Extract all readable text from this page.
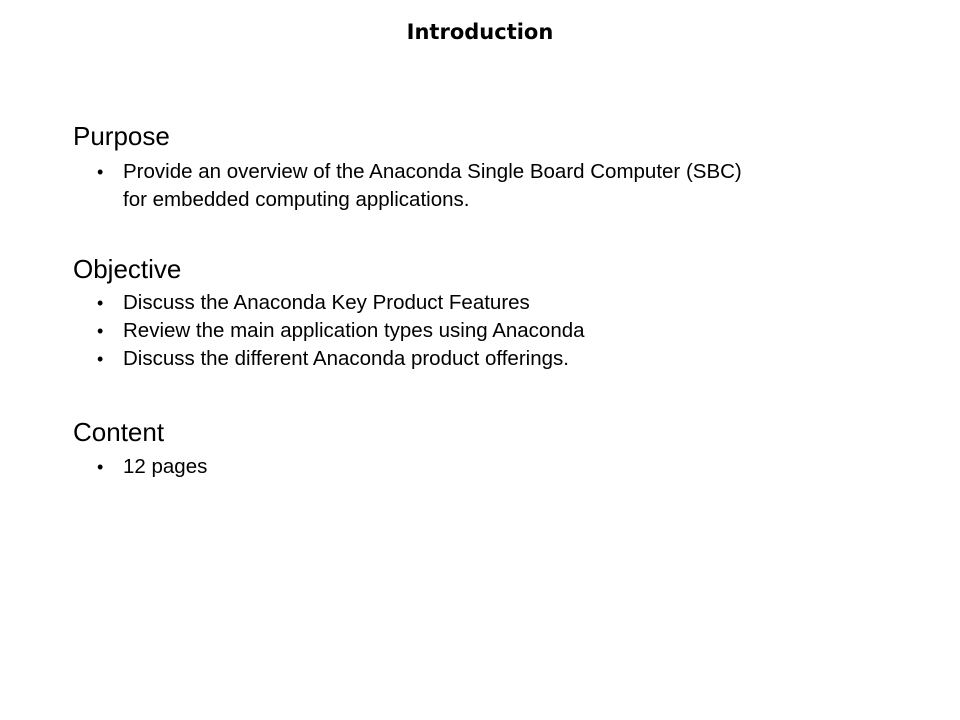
Introduction
Purpose
• Provide an overview of the Anaconda Single Board Computer (SBC)
for embedded computing applications.
Objective
• Discuss the Anaconda Key Product Features
• Review the main application types using Anaconda
• Discuss the different Anaconda product offerings.
Content
• 12 pages
